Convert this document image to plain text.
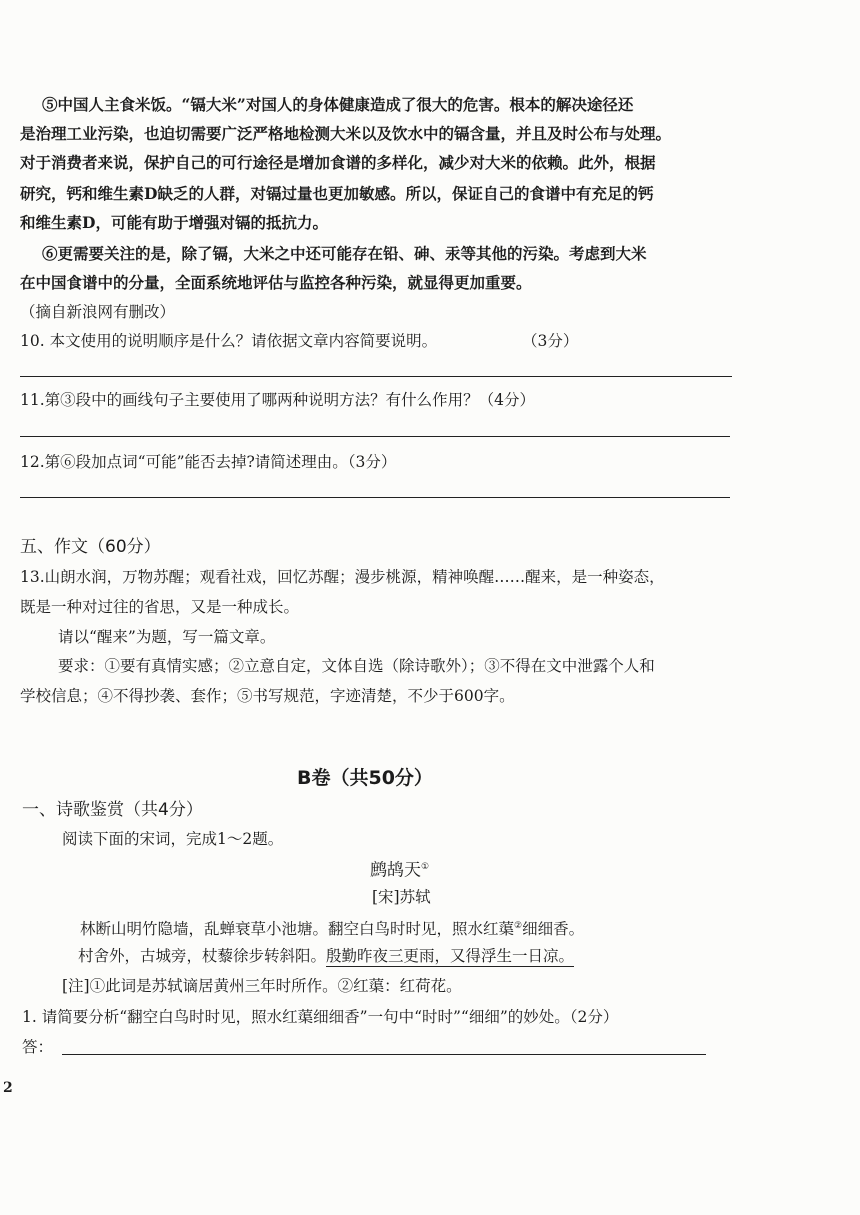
⑤中国人主食米饭。“镉大米”对国人的身体健康造成了很大的危害。根本的解决途径还
是治理工业污染，也迫切需要广泛严格地检测大米以及饮水中的镉含量，并且及时公布与处理。
对于消费者来说，保护自己的可行途径是增加食谱的多样化，减少对大米的依赖。此外，根据
研究，钙和维生素D缺乏的人群，对镉过量也更加敏感。所以，保证自己的食谱中有充足的钙
和维生素D，可能有助于增强对镉的抵抗力。
⑥更需要关注的是，除了镉，大米之中还可能存在铅、砷、汞等其他的污染。考虑到大米
在中国食谱中的分量，全面系统地评估与监控各种污染，就显得更加重要。
（摘自新浪网有删改）
10. 本文使用的说明顺序是什么？请依据文章内容简要说明。	（3分）
11.第③段中的画线句子主要使用了哪两种说明方法？有什么作用？（4分）
12.第⑥段加点词“可能”能否去掉?请简述理由。（3分）
五、作文（60分）
13.山朗水润，万物苏醒；观看社戏，回忆苏醒；漫步桃源，精神唤醒……醒来，是一种姿态，
既是一种对过往的省思，又是一种成长。
请以“醒来”为题，写一篇文章。
要求：①要有真情实感；②立意自定，文体自选（除诗歌外）；③不得在文中泄露个人和
学校信息；④不得抄袭、套作；⑤书写规范，字迹清楚，不少于600字。
B卷（共50分）
一、诗歌鉴赏（共4分）
阅读下面的宋词，完成1～2题。
鹧鸪天①
[宋]苏轼
林断山明竹隐墙，乱蝉衰草小池塘。翻空白鸟时时见，照水红蕖②细细香。
村舍外，古城旁，杖藜徐步转斜阳。殷勤昨夜三更雨，又得浮生一日凉。
[注]①此词是苏轼谪居黄州三年时所作。②红蕖：红荷花。
1. 请简要分析“翻空白鸟时时见，照水红蕖细细香”一句中“时时”“细细”的妙处。（2分）
答：
2
